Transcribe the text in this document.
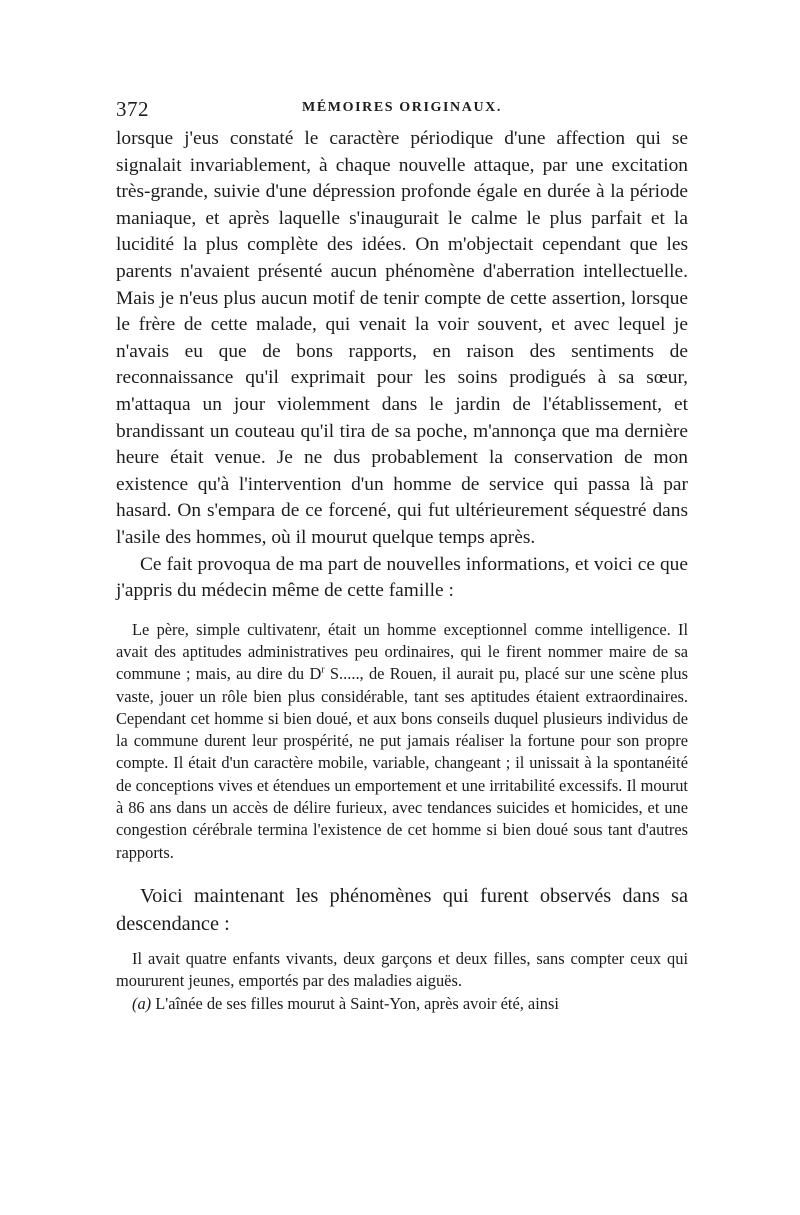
372	MÉMOIRES ORIGINAUX.

lorsque j'eus constaté le caractère périodique d'une affection qui se signalait invariablement, à chaque nouvelle attaque, par une excitation très-grande, suivie d'une dépression profonde égale en durée à la période maniaque, et après laquelle s'inaugurait le calme le plus parfait et la lucidité la plus complète des idées. On m'objectait cependant que les parents n'avaient présenté aucun phénomène d'aberration intellectuelle. Mais je n'eus plus aucun motif de tenir compte de cette assertion, lorsque le frère de cette malade, qui venait la voir souvent, et avec lequel je n'avais eu que de bons rapports, en raison des sentiments de reconnaissance qu'il exprimait pour les soins prodigués à sa sœur, m'attaqua un jour violemment dans le jardin de l'établissement, et brandissant un couteau qu'il tira de sa poche, m'annonça que ma dernière heure était venue. Je ne dus probablement la conservation de mon existence qu'à l'intervention d'un homme de service qui passa là par hasard. On s'empara de ce forcené, qui fut ultérieurement séquestré dans l'asile des hommes, où il mourut quelque temps après.

Ce fait provoqua de ma part de nouvelles informations, et voici ce que j'appris du médecin même de cette famille :

Le père, simple cultivatenr, était un homme exceptionnel comme intelligence. Il avait des aptitudes administratives peu ordinaires, qui le firent nommer maire de sa commune ; mais, au dire du $D^r$ S....., de Rouen, il aurait pu, placé sur une scène plus vaste, jouer un rôle bien plus considérable, tant ses aptitudes étaient extraordinaires. Cependant cet homme si bien doué, et aux bons conseils duquel plusieurs individus de la commune durent leur prospérité, ne put jamais réaliser la fortune pour son propre compte. Il était d'un caractère mobile, variable, changeant ; il unissait à la spontanéité de conceptions vives et étendues un emportement et une irritabilité excessifs. Il mourut à 86 ans dans un accès de délire furieux, avec tendances suicides et homicides, et une congestion cérébrale termina l'existence de cet homme si bien doué sous tant d'autres rapports.

Voici maintenant les phénomènes qui furent observés dans sa descendance :

Il avait quatre enfants vivants, deux garçons et deux filles, sans compter ceux qui moururent jeunes, emportés par des maladies aiguës.

(a) L'aînée de ses filles mourut à Saint-Yon, après avoir été, ainsi
